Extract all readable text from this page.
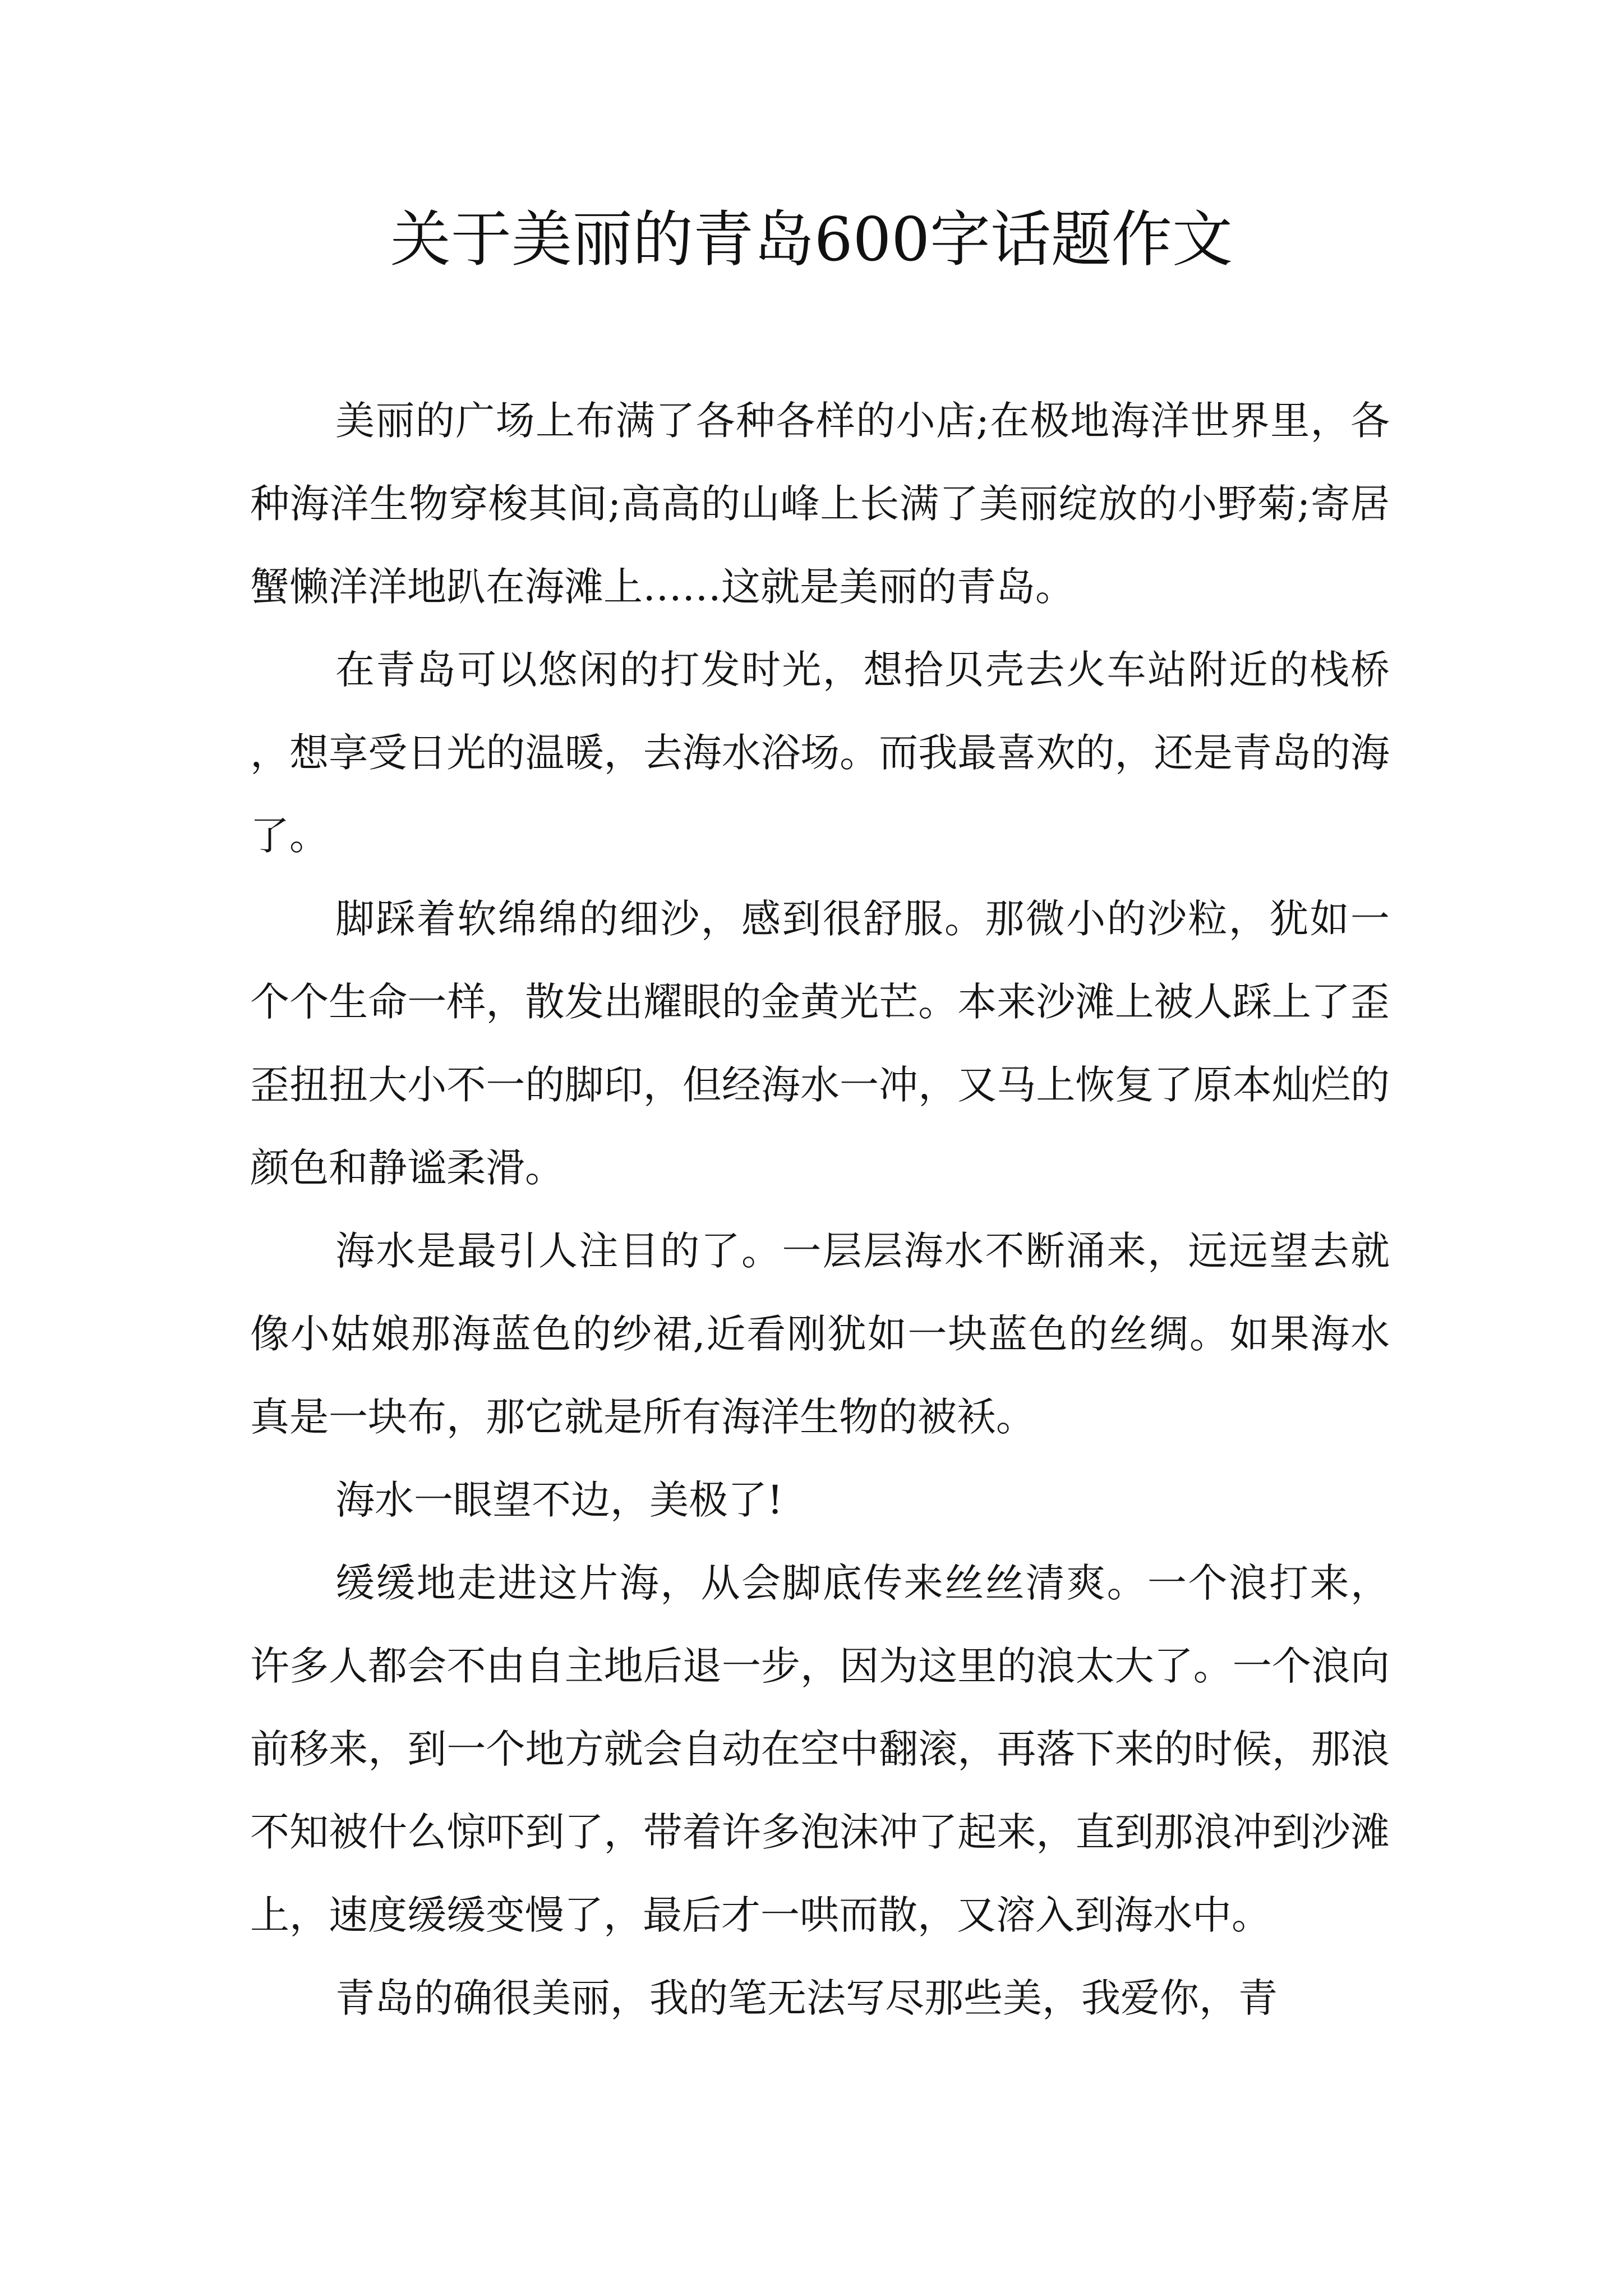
关于美丽的青岛600字话题作文

美丽的广场上布满了各种各样的小店;在极地海洋世界里，各种海洋生物穿梭其间;高高的山峰上长满了美丽绽放的小野菊;寄居蟹懒洋洋地趴在海滩上……这就是美丽的青岛。

在青岛可以悠闲的打发时光，想拾贝壳去火车站附近的栈桥，想享受日光的温暖，去海水浴场。而我最喜欢的，还是青岛的海了。

脚踩着软绵绵的细沙，感到很舒服。那微小的沙粒，犹如一个个生命一样，散发出耀眼的金黄光芒。本来沙滩上被人踩上了歪歪扭扭大小不一的脚印，但经海水一冲，又马上恢复了原本灿烂的颜色和静谧柔滑。

海水是最引人注目的了。一层层海水不断涌来，远远望去就像小姑娘那海蓝色的纱裙,近看刚犹如一块蓝色的丝绸。如果海水真是一块布，那它就是所有海洋生物的被袄。

海水一眼望不边，美极了!

缓缓地走进这片海，从会脚底传来丝丝清爽。一个浪打来，许多人都会不由自主地后退一步，因为这里的浪太大了。一个浪向前移来，到一个地方就会自动在空中翻滚，再落下来的时候，那浪不知被什么惊吓到了，带着许多泡沫冲了起来，直到那浪冲到沙滩上，速度缓缓变慢了，最后才一哄而散，又溶入到海水中。

青岛的确很美丽，我的笔无法写尽那些美，我爱你，青
